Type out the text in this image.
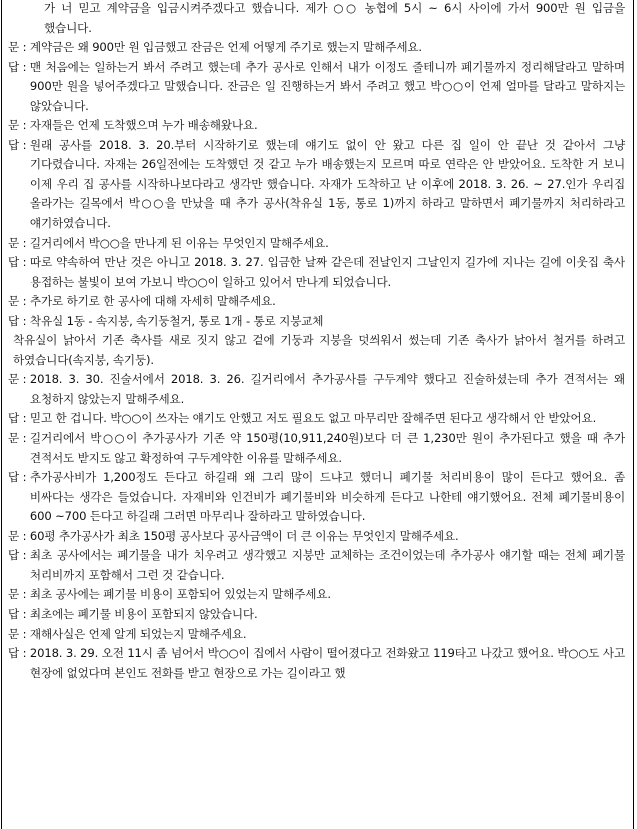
가 너 믿고 계약금을 입금시켜주겠다고 했습니다. 제가 ○○ 농협에 5시 ~ 6시 사이에 가서 900만 원 입금을 했습니다.
문 : 계약금은 왜 900만 원 입금했고 잔금은 언제 어떻게 주기로 했는지 말해주세요.
답 : 맨 처음에는 일하는거 봐서 주려고 했는데 추가 공사로 인해서 내가 이정도 줄테니까 폐기물까지 정리해달라고 말하며 900만 원을 넣어주겠다고 말했습니다. 잔금은 일 진행하는거 봐서 주려고 했고 박○○이 언제 얼마를 달라고 말하지는 않았습니다.
문 : 자재들은 언제 도착했으며 누가 배송해왔나요.
답 : 원래 공사를 2018. 3. 20.부터 시작하기로 했는데 얘기도 없이 안 왔고 다른 집 일이 안 끝난 것 같아서 그냥 기다렸습니다. 자재는 26일전에는 도착했던 것 같고 누가 배송했는지 모르며 따로 연락은 안 받았어요. 도착한 거 보니 이제 우리 집 공사를 시작하나보다라고 생각만 했습니다. 자재가 도착하고 난 이후에 2018. 3. 26. ~ 27.인가 우리집 올라가는 길목에서 박○○을 만났을 때 추가 공사(착유실 1동, 통로 1)까지 하라고 말하면서 폐기물까지 처리하라고 얘기하였습니다.
문 : 길거리에서 박○○을 만나게 된 이유는 무엇인지 말해주세요.
답 : 따로 약속하여 만난 것은 아니고 2018. 3. 27. 입금한 날짜 같은데 전날인지 그날인지 길가에 지나는 길에 이웃집 축사 용접하는 불빛이 보여 가보니 박○○이 일하고 있어서 만나게 되었습니다.
문 : 추가로 하기로 한 공사에 대해 자세히 말해주세요.
답 : 착유실 1동 - 속지붕, 속기둥철거, 통로 1개 - 통로 지붕교체
착유실이 낡아서 기존 축사를 새로 짓지 않고 겉에 기둥과 지붕을 덧씌워서 썼는데 기존 축사가 낡아서 철거를 하려고 하였습니다(속지붕, 속기둥).
문 : 2018. 3. 30. 진술서에서 2018. 3. 26. 길거리에서 추가공사를 구두계약 했다고 진술하셨는데 추가 견적서는 왜 요청하지 않았는지 말해주세요.
답 : 믿고 한 겁니다. 박○○이 쓰자는 얘기도 안했고 저도 필요도 없고 마무리만 잘해주면 된다고 생각해서 안 받았어요.
문 : 길거리에서 박○○이 추가공사가 기존 약 150평(10,911,240원)보다 더 큰 1,230만 원이 추가된다고 했을 때 추가 견적서도 받지도 않고 확정하여 구두계약한 이유를 말해주세요.
답 : 추가공사비가 1,200정도 든다고 하길래 왜 그리 많이 드냐고 했더니 폐기물 처리비용이 많이 든다고 했어요. 좀 비싸다는 생각은 들었습니다. 자재비와 인건비가 폐기물비와 비슷하게 든다고 나한테 얘기했어요. 전체 폐기물비용이 600 ~700 든다고 하길래 그러면 마무리나 잘하라고 말하였습니다.
문 : 60평 추가공사가 최초 150평 공사보다 공사금액이 더 큰 이유는 무엇인지 말해주세요.
답 : 최초 공사에서는 폐기물을 내가 치우려고 생각했고 지붕만 교체하는 조건이었는데 추가공사 얘기할 때는 전체 폐기물 처리비까지 포함해서 그런 것 같습니다.
문 : 최초 공사에는 폐기물 비용이 포함되어 있었는지 말해주세요.
답 : 최초에는 폐기물 비용이 포함되지 않았습니다.
문 : 재해사실은 언제 알게 되었는지 말해주세요.
답 : 2018. 3. 29. 오전 11시 좀 넘어서 박○○이 집에서 사람이 떨어졌다고 전화왔고 119타고 나갔고 했어요. 박○○도 사고 현장에 없었다며 본인도 전화를 받고 현장으로 가는 길이라고 했
